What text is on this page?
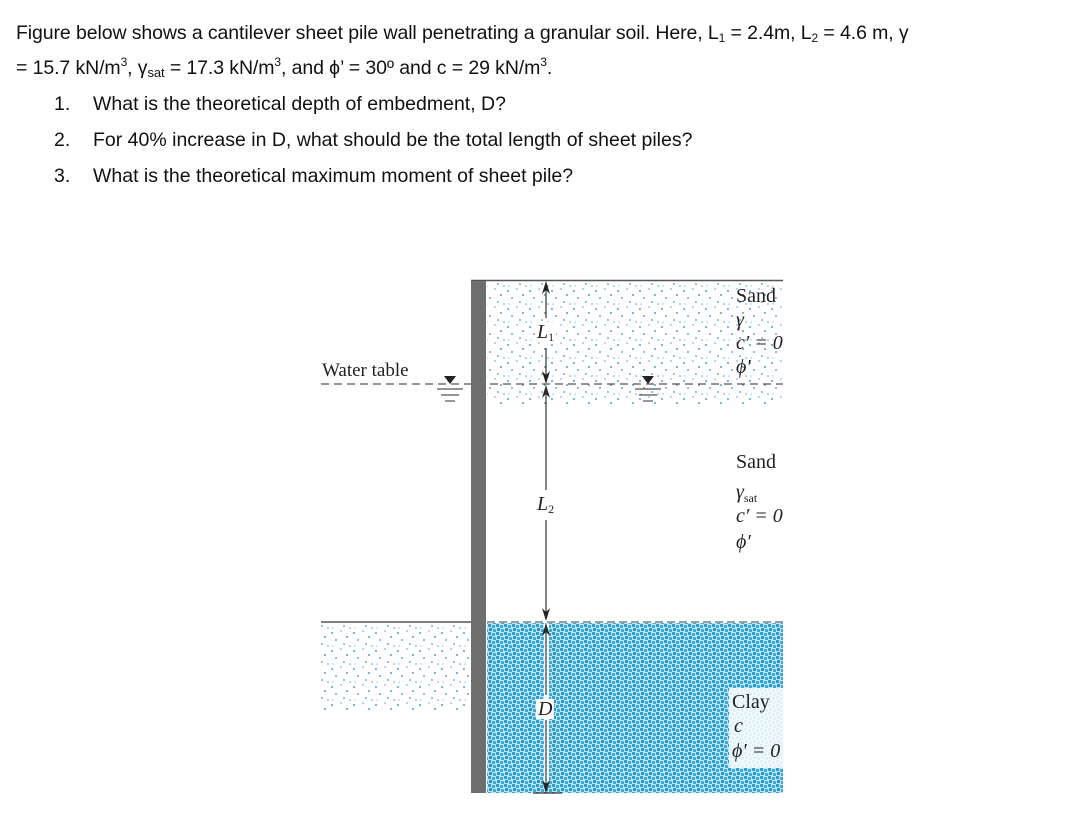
Figure below shows a cantilever sheet pile wall penetrating a granular soil. Here, $L_1 = 2.4m$, $L_2 = 4.6$ m, γ
= 15.7 $kN/m^3$, $\gamma_{sat} = 17.3$ $kN/m^3$, and ϕ’ = 30º and c = 29 $kN/m^3$.
1. What is the theoretical depth of embedment, D?
2. For 40% increase in D, what should be the total length of sheet piles?
3. What is the theoretical maximum moment of sheet pile?
Water table
$L_1$
$L_2$
D
Sand
γ
c′ = 0
ϕ′
Sand
$\gamma_{sat}$
c′ = 0
ϕ′
Clay
c
ϕ′ = 0
